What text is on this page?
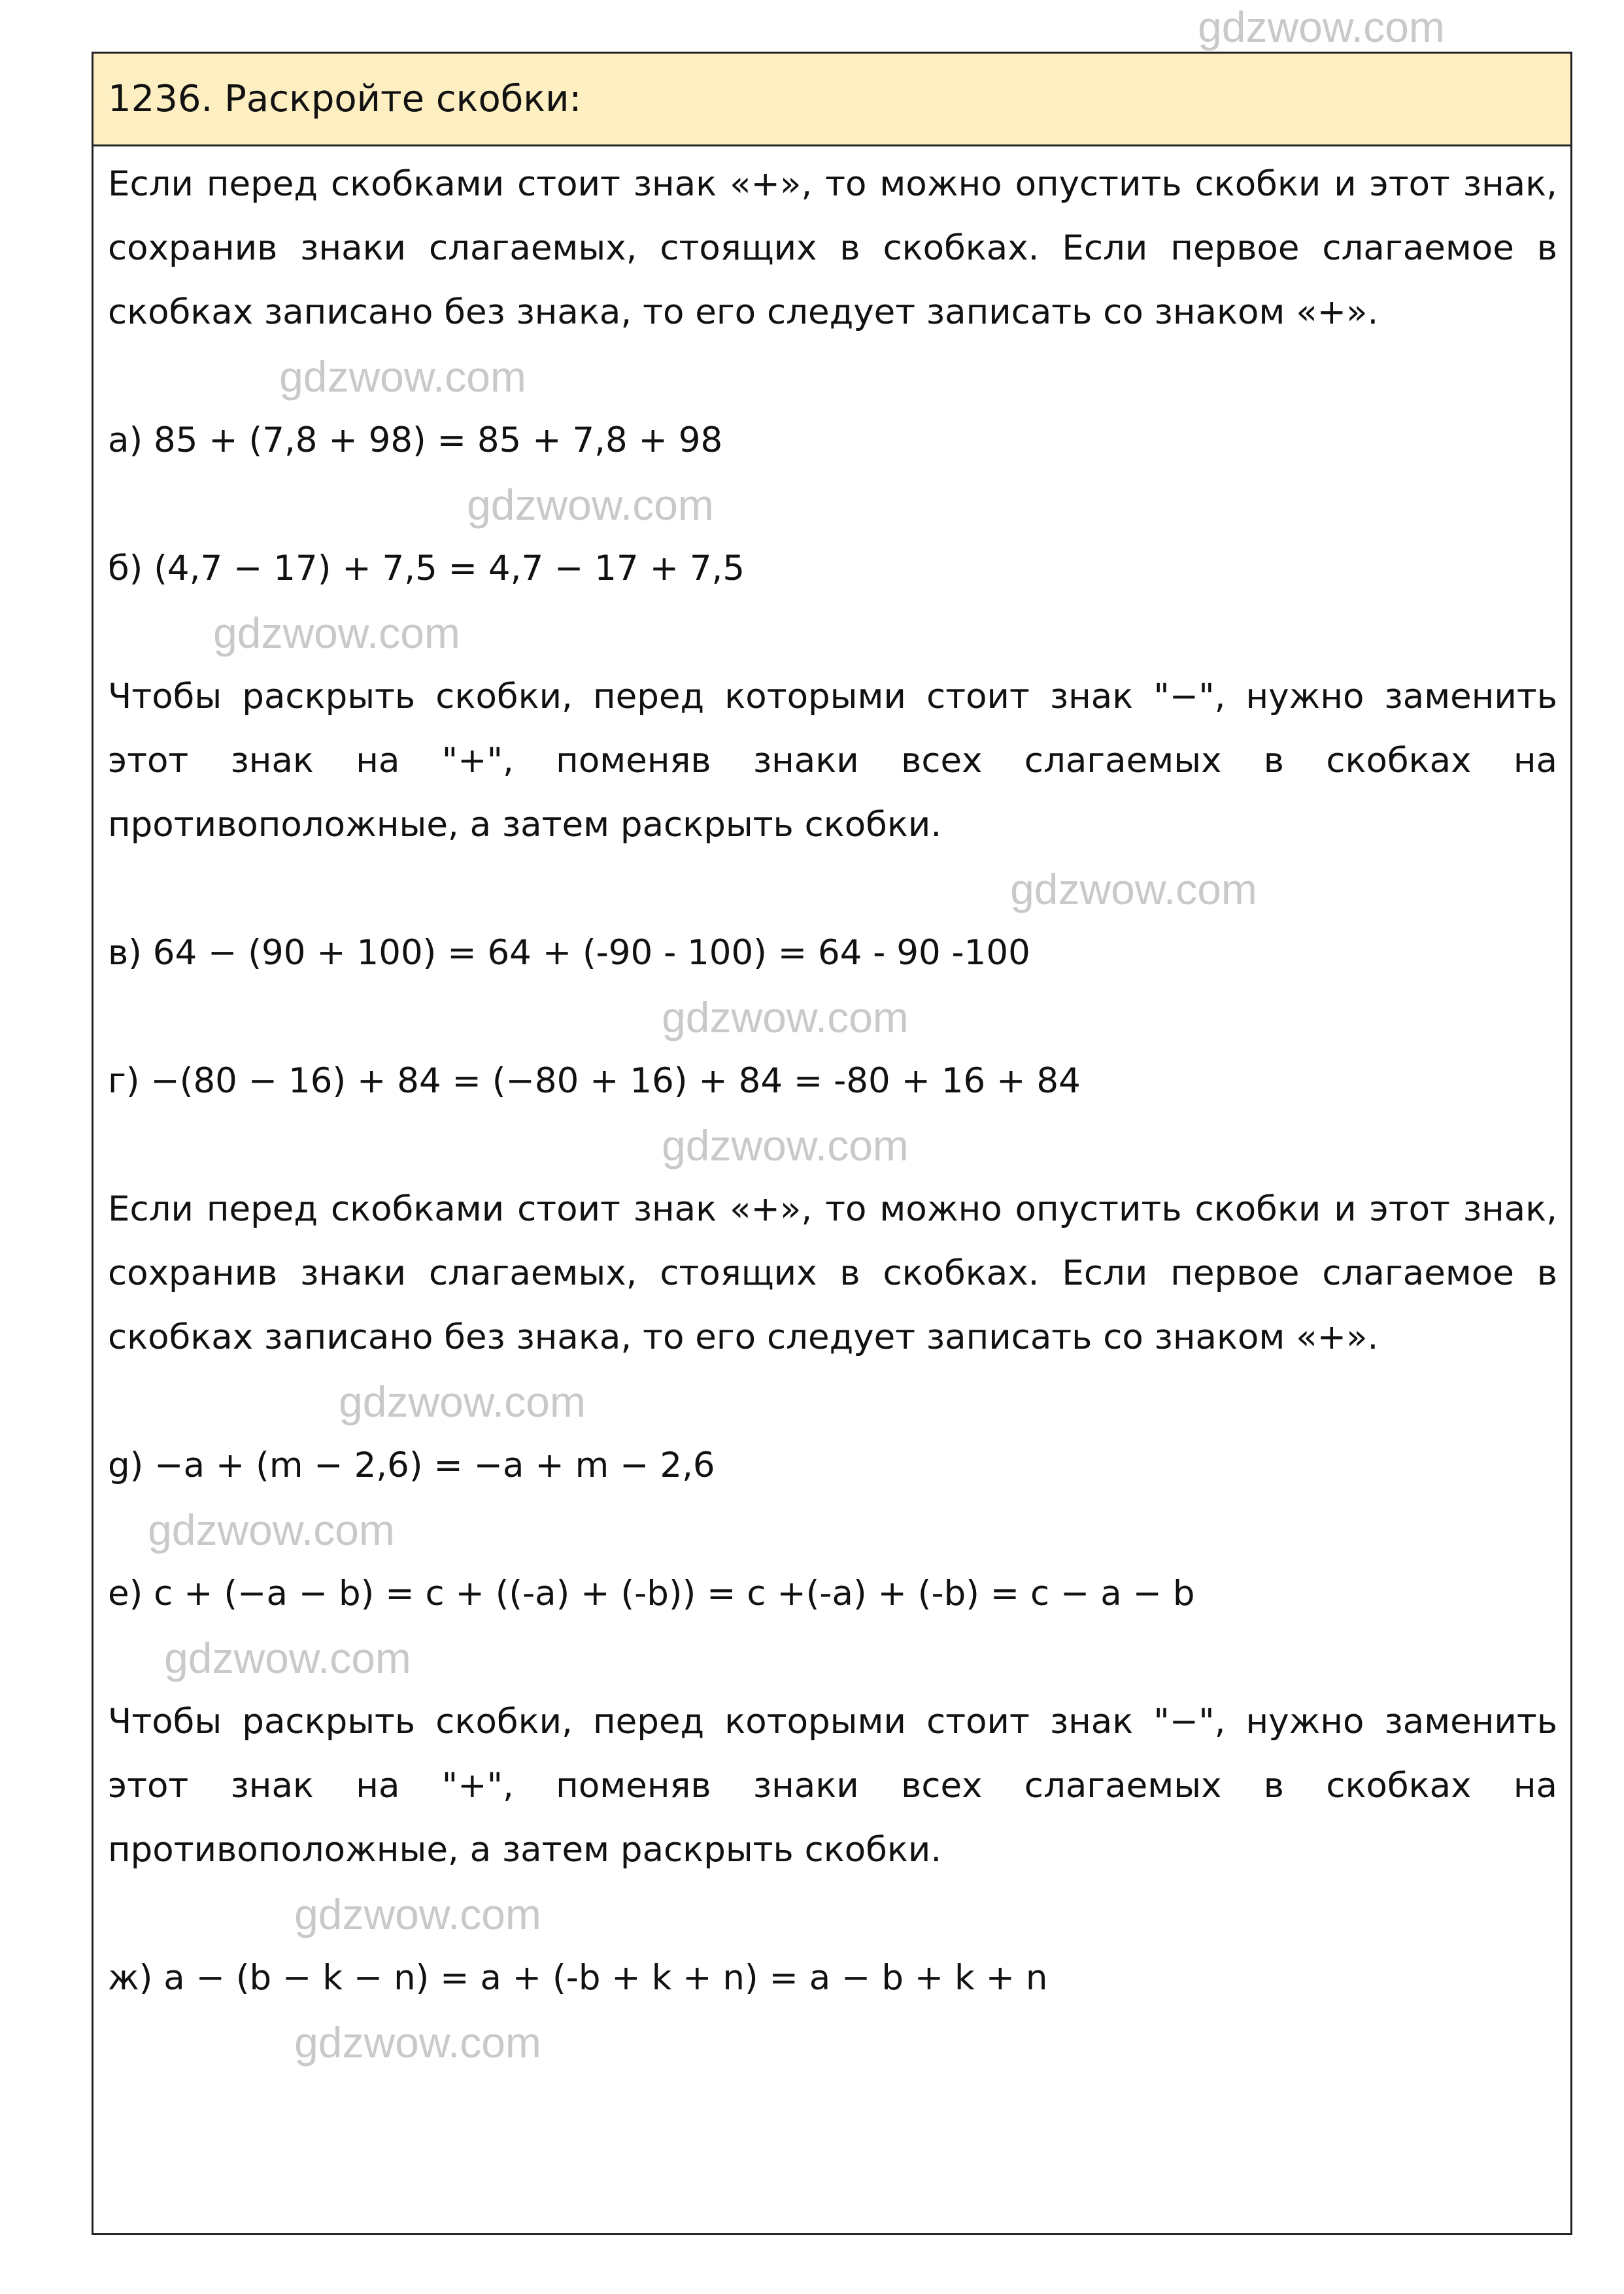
1236. Раскройте скобки:
gdzwow.com
Если перед скобками стоит знак «+», то можно опустить скобки и этот знак, сохранив знаки слагаемых, стоящих в скобках. Если первое слагаемое в скобках записано без знака, то его следует записать со знаком «+».
gdzwow.com
а) 85 + (7,8 + 98) = 85 + 7,8 + 98
gdzwow.com
б) (4,7 − 17) + 7,5 = 4,7 − 17 + 7,5
gdzwow.com
Чтобы раскрыть скобки, перед которыми стоит знак "−", нужно заменить этот знак на "+", поменяв знаки всех слагаемых в скобках на противоположные, а затем раскрыть скобки.
gdzwow.com
в) 64 − (90 + 100) = 64 + (-90 - 100) = 64 - 90 -100
gdzwow.com
г) −(80 − 16) + 84 = (−80 + 16) + 84 = -80 + 16 + 84
gdzwow.com
Если перед скобками стоит знак «+», то можно опустить скобки и этот знак, сохранив знаки слагаемых, стоящих в скобках. Если первое слагаемое в скобках записано без знака, то его следует записать со знаком «+».
gdzwow.com
g) −a + (m − 2,6) = −a + m − 2,6
gdzwow.com
е) c + (−a − b) = c + ((-a) + (-b)) = c +(-a) + (-b) = c − a − b
gdzwow.com
Чтобы раскрыть скобки, перед которыми стоит знак "−", нужно заменить этот знак на "+", поменяв знаки всех слагаемых в скобках на противоположные, а затем раскрыть скобки.
gdzwow.com
ж) a − (b − k − n) = a + (-b + k + n) = a − b + k + n
gdzwow.com
